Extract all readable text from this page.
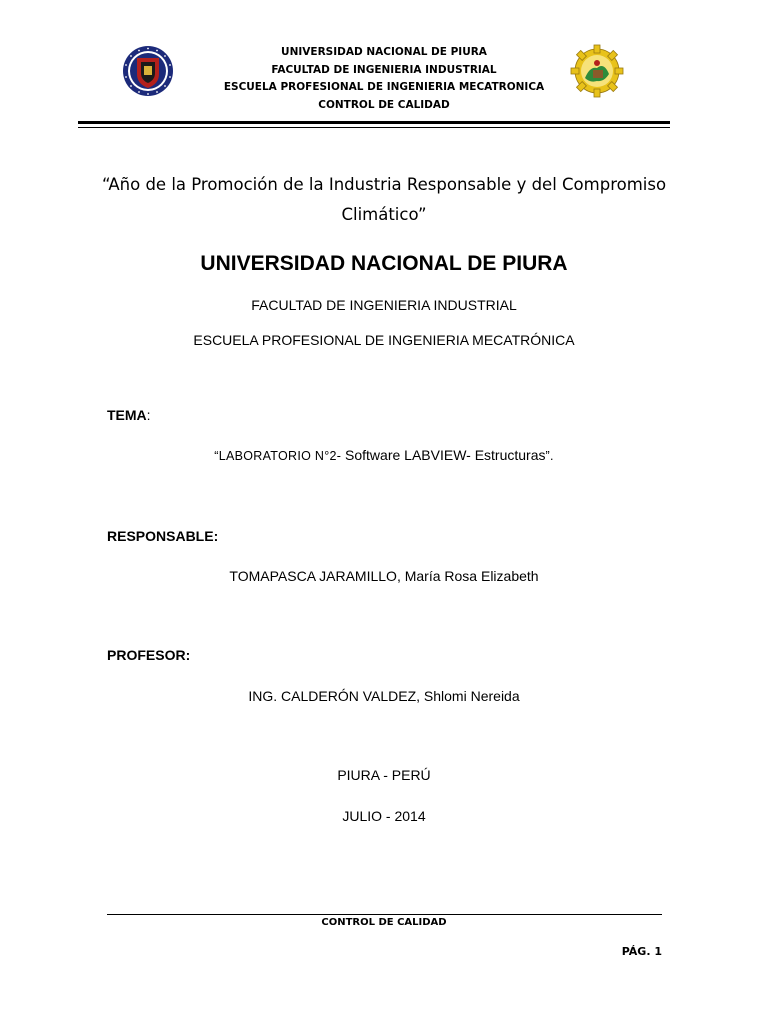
UNIVERSIDAD NACIONAL DE PIURA
FACULTAD DE INGENIERIA INDUSTRIAL
ESCUELA PROFESIONAL DE INGENIERIA MECATRONICA
CONTROL DE CALIDAD
“Año de la Promoción de la Industria Responsable y del Compromiso Climático”
UNIVERSIDAD NACIONAL DE PIURA
FACULTAD DE INGENIERIA INDUSTRIAL
ESCUELA PROFESIONAL DE INGENIERIA MECATRÓNICA
TEMA:
“LABORATORIO N°2- Software LABVIEW- Estructuras”.
RESPONSABLE:
TOMAPASCA JARAMILLO, María Rosa Elizabeth
PROFESOR:
ING. CALDERÓN VALDEZ, Shlomi Nereida
PIURA - PERÚ
JULIO - 2014
CONTROL DE CALIDAD
PÁG. 1
